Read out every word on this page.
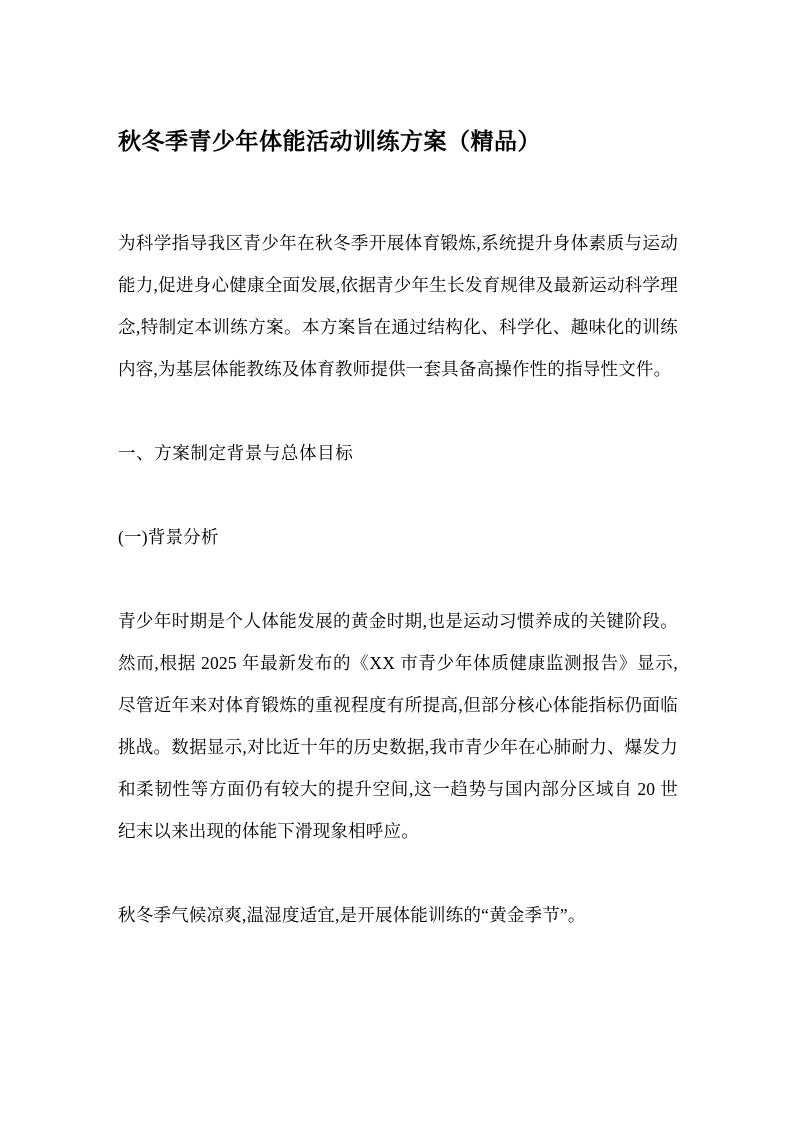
秋冬季青少年体能活动训练方案（精品）

为科学指导我区青少年在秋冬季开展体育锻炼,系统提升身体素质与运动能力,促进身心健康全面发展,依据青少年生长发育规律及最新运动科学理念,特制定本训练方案。本方案旨在通过结构化、科学化、趣味化的训练内容,为基层体能教练及体育教师提供一套具备高操作性的指导性文件。

一、方案制定背景与总体目标

(一)背景分析

青少年时期是个人体能发展的黄金时期,也是运动习惯养成的关键阶段。然而,根据 2025 年最新发布的《XX 市青少年体质健康监测报告》显示,尽管近年来对体育锻炼的重视程度有所提高,但部分核心体能指标仍面临挑战。数据显示,对比近十年的历史数据,我市青少年在心肺耐力、爆发力和柔韧性等方面仍有较大的提升空间,这一趋势与国内部分区域自 20 世纪末以来出现的体能下滑现象相呼应。

秋冬季气候凉爽,温湿度适宜,是开展体能训练的“黄金季节”。
